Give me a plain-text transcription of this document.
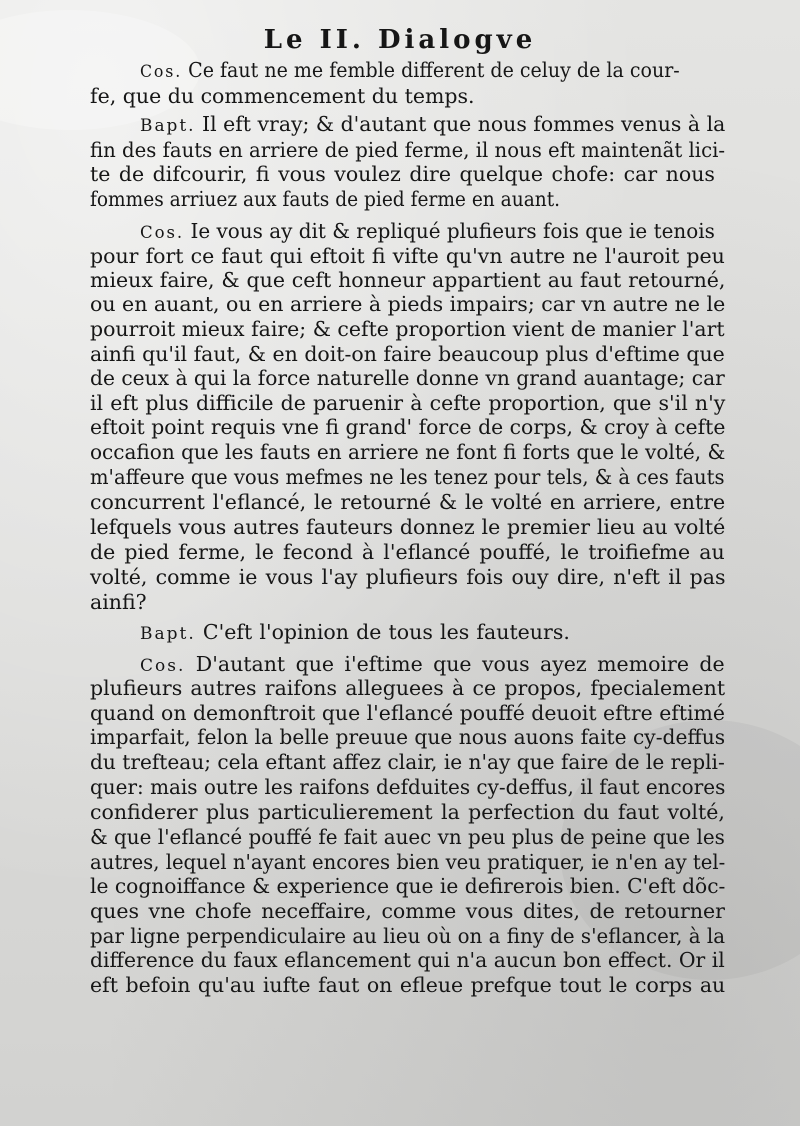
Le II. Dialogve
Cos. Ce faut ne me femble different de celuy de la cour-
fe, que du commencement du temps.
Bapt. Il eft vray; & d'autant que nous fommes venus à la
fin des fauts en arriere de pied ferme, il nous eft maintenãt lici-
te de difcourir, fi vous voulez dire quelque chofe: car nous
fommes arriuez aux fauts de pied ferme en auant.
Cos. Ie vous ay dit & repliqué plufieurs fois que ie tenois
pour fort ce faut qui eftoit fi vifte qu'vn autre ne l'auroit peu
mieux faire, & que ceft honneur appartient au faut retourné,
ou en auant, ou en arriere à pieds impairs; car vn autre ne le
pourroit mieux faire; & cefte proportion vient de manier l'art
ainfi qu'il faut, & en doit-on faire beaucoup plus d'eftime que
de ceux à qui la force naturelle donne vn grand auantage; car
il eft plus difficile de paruenir à cefte proportion, que s'il n'y
eftoit point requis vne fi grand' force de corps, & croy à cefte
occafion que les fauts en arriere ne font fi forts que le volté, &
m'affeure que vous mefmes ne les tenez pour tels, & à ces fauts
concurrent l'eflancé, le retourné & le volté en arriere, entre
lefquels vous autres fauteurs donnez le premier lieu au volté
de pied ferme, le fecond à l'eflancé pouffé, le troifiefme au
volté, comme ie vous l'ay plufieurs fois ouy dire, n'eft il pas
ainfi?
Bapt. C'eft l'opinion de tous les fauteurs.
Cos. D'autant que i'eftime que vous ayez memoire de
plufieurs autres raifons alleguees à ce propos, fpecialement
quand on demonftroit que l'eflancé pouffé deuoit eftre eftimé
imparfait, felon la belle preuue que nous auons faite cy-deffus
du trefteau; cela eftant affez clair, ie n'ay que faire de le repli-
quer: mais outre les raifons defduites cy-deffus, il faut encores
confiderer plus particulierement la perfection du faut volté,
& que l'eflancé pouffé fe fait auec vn peu plus de peine que les
autres, lequel n'ayant encores bien veu pratiquer, ie n'en ay tel-
le cognoiffance & experience que ie defirerois bien. C'eft dõc-
ques vne chofe neceffaire, comme vous dites, de retourner
par ligne perpendiculaire au lieu où on a finy de s'eflancer, à la
difference du faux eflancement qui n'a aucun bon effect. Or il
eft befoin qu'au iufte faut on efleue prefque tout le corps au
